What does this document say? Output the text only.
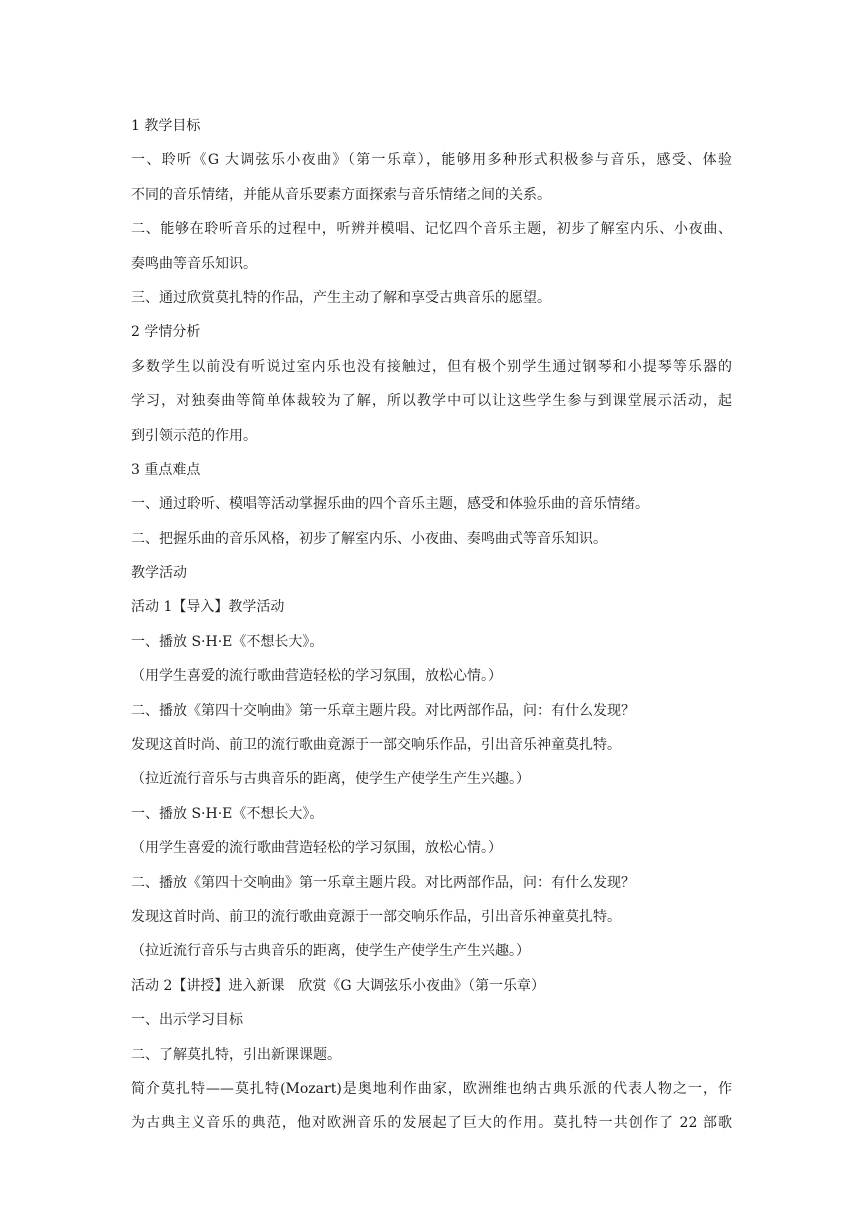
1 教学目标
一、聆听《G 大调弦乐小夜曲》（第一乐章），能够用多种形式积极参与音乐，感受、体验
不同的音乐情绪，并能从音乐要素方面探索与音乐情绪之间的关系。
二、能够在聆听音乐的过程中，听辨并模唱、记忆四个音乐主题，初步了解室内乐、小夜曲、
奏鸣曲等音乐知识。
三、通过欣赏莫扎特的作品，产生主动了解和享受古典音乐的愿望。
2 学情分析
多数学生以前没有听说过室内乐也没有接触过，但有极个别学生通过钢琴和小提琴等乐器的
学习，对独奏曲等简单体裁较为了解，所以教学中可以让这些学生参与到课堂展示活动，起
到引领示范的作用。
3 重点难点
一、通过聆听、模唱等活动掌握乐曲的四个音乐主题，感受和体验乐曲的音乐情绪。
二、把握乐曲的音乐风格，初步了解室内乐、小夜曲、奏鸣曲式等音乐知识。
教学活动
活动 1【导入】教学活动
一、播放 S·H·E《不想长大》。
（用学生喜爱的流行歌曲营造轻松的学习氛围，放松心情。）
二、播放《第四十交响曲》第一乐章主题片段。对比两部作品，问：有什么发现？
发现这首时尚、前卫的流行歌曲竟源于一部交响乐作品，引出音乐神童莫扎特。
（拉近流行音乐与古典音乐的距离，使学生产使学生产生兴趣。）
一、播放 S·H·E《不想长大》。
（用学生喜爱的流行歌曲营造轻松的学习氛围，放松心情。）
二、播放《第四十交响曲》第一乐章主题片段。对比两部作品，问：有什么发现？
发现这首时尚、前卫的流行歌曲竟源于一部交响乐作品，引出音乐神童莫扎特。
（拉近流行音乐与古典音乐的距离，使学生产使学生产生兴趣。）
活动 2【讲授】进入新课　欣赏《G 大调弦乐小夜曲》（第一乐章）
一、出示学习目标
二、了解莫扎特，引出新课课题。
简介莫扎特——莫扎特(Mozart)是奥地利作曲家，欧洲维也纳古典乐派的代表人物之一，作
为古典主义音乐的典范，他对欧洲音乐的发展起了巨大的作用。莫扎特一共创作了 22 部歌
